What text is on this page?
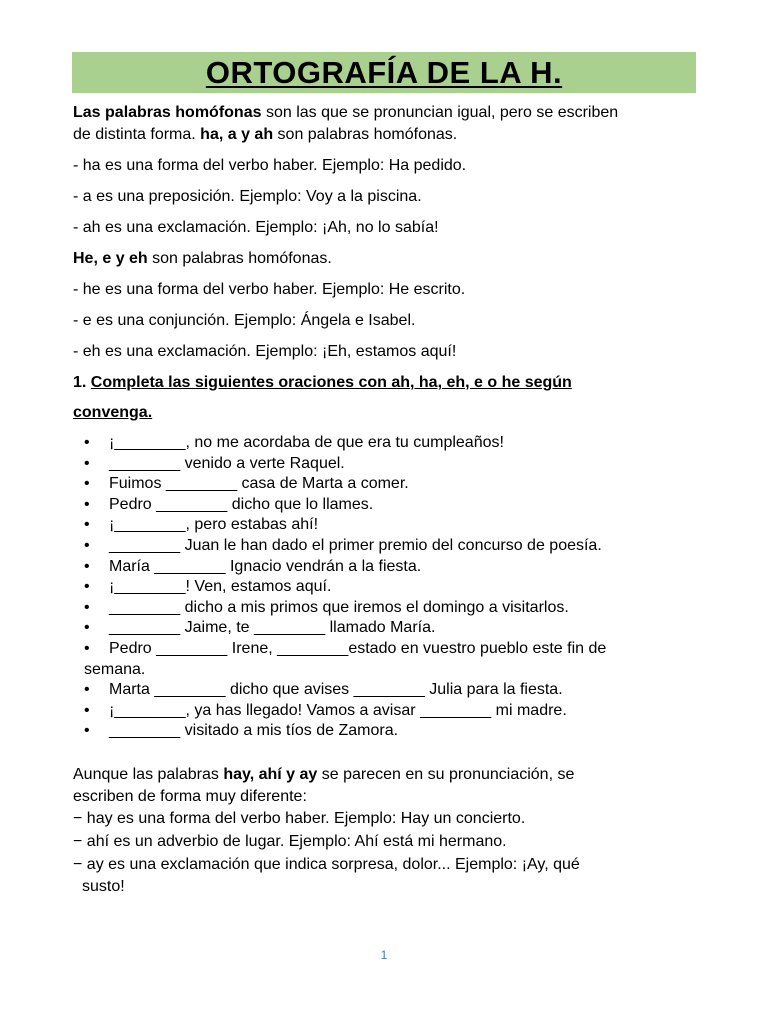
ORTOGRAFÍA DE LA H.
Las palabras homófonas son las que se pronuncian igual, pero se escriben
de distinta forma. ha, a y ah son palabras homófonas.
- ha es una forma del verbo haber. Ejemplo: Ha pedido.
- a es una preposición. Ejemplo: Voy a la piscina.
- ah es una exclamación. Ejemplo: ¡Ah, no lo sabía!
He, e y eh son palabras homófonas.
- he es una forma del verbo haber. Ejemplo: He escrito.
- e es una conjunción. Ejemplo: Ángela e Isabel.
- eh es una exclamación. Ejemplo: ¡Eh, estamos aquí!
1. Completa las siguientes oraciones con ah, ha, eh, e o he según
convenga.
• ¡________, no me acordaba de que era tu cumpleaños!
• ________ venido a verte Raquel.
• Fuimos ________ casa de Marta a comer.
• Pedro ________ dicho que lo llames.
• ¡________, pero estabas ahí!
• ________ Juan le han dado el primer premio del concurso de poesía.
• María ________ Ignacio vendrán a la fiesta.
• ¡________! Ven, estamos aquí.
• ________ dicho a mis primos que iremos el domingo a visitarlos.
• ________ Jaime, te ________ llamado María.
• Pedro ________ Irene, ________estado en vuestro pueblo este fin de
semana.
• Marta ________ dicho que avises ________ Julia para la fiesta.
• ¡________, ya has llegado! Vamos a avisar ________ mi madre.
• ________ visitado a mis tíos de Zamora.
Aunque las palabras hay, ahí y ay se parecen en su pronunciación, se
escriben de forma muy diferente:
− hay es una forma del verbo haber. Ejemplo: Hay un concierto.
− ahí es un adverbio de lugar. Ejemplo: Ahí está mi hermano.
− ay es una exclamación que indica sorpresa, dolor... Ejemplo: ¡Ay, qué
susto!
1
